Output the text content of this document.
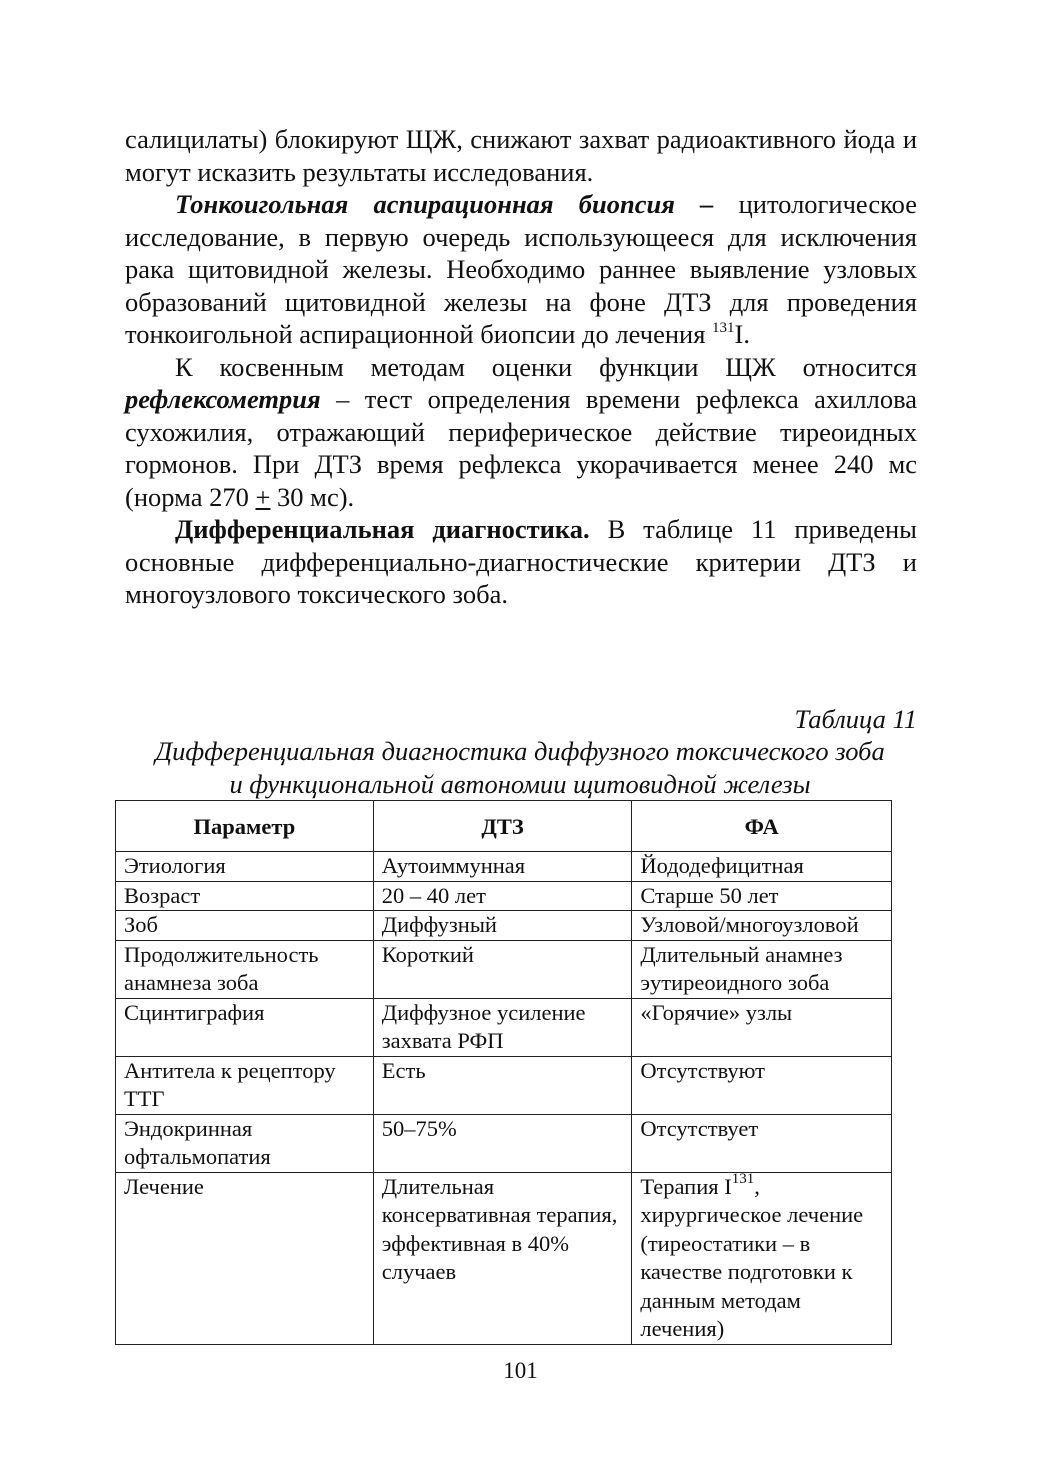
салицилаты) блокируют ЩЖ, снижают захват радиоактивного йода и могут исказить результаты исследования.

Тонкоигольная аспирационная биопсия – цитологическое исследование, в первую очередь использующееся для исключения рака щитовидной железы. Необходимо раннее выявление узловых образований щитовидной железы на фоне ДТЗ для проведения тонкоигольной аспирационной биопсии до лечения $^{131}$I.

К косвенным методам оценки функции ЩЖ относится рефлексометрия – тест определения времени рефлекса ахиллова сухожилия, отражающий периферическое действие тиреоидных гормонов. При ДТЗ время рефлекса укорачивается менее 240 мс (норма 270 + 30 мс).

Дифференциальная диагностика. В таблице 11 приведены основные дифференциально-диагностические критерии ДТЗ и многоузлового токсического зоба.

Таблица 11
Дифференциальная диагностика диффузного токсического зоба
и функциональной автономии щитовидной железы
Параметр	ДТЗ	ФА
Этиология	Аутоиммунная	Йододефицитная
Возраст	20 – 40 лет	Старше 50 лет
Зоб	Диффузный	Узловой/многоузловой
Продолжительность анамнеза зоба	Короткий	Длительный анамнез эутиреоидного зоба
Сцинтиграфия	Диффузное усиление захвата РФП	«Горячие» узлы
Антитела к рецептору ТТГ	Есть	Отсутствуют
Эндокринная офтальмопатия	50–75%	Отсутствует
Лечение	Длительная консервативная терапия, эффективная в 40% случаев	Терапия $I^{131}$, хирургическое лечение (тиреостатики – в качестве подготовки к данным методам лечения)
101
